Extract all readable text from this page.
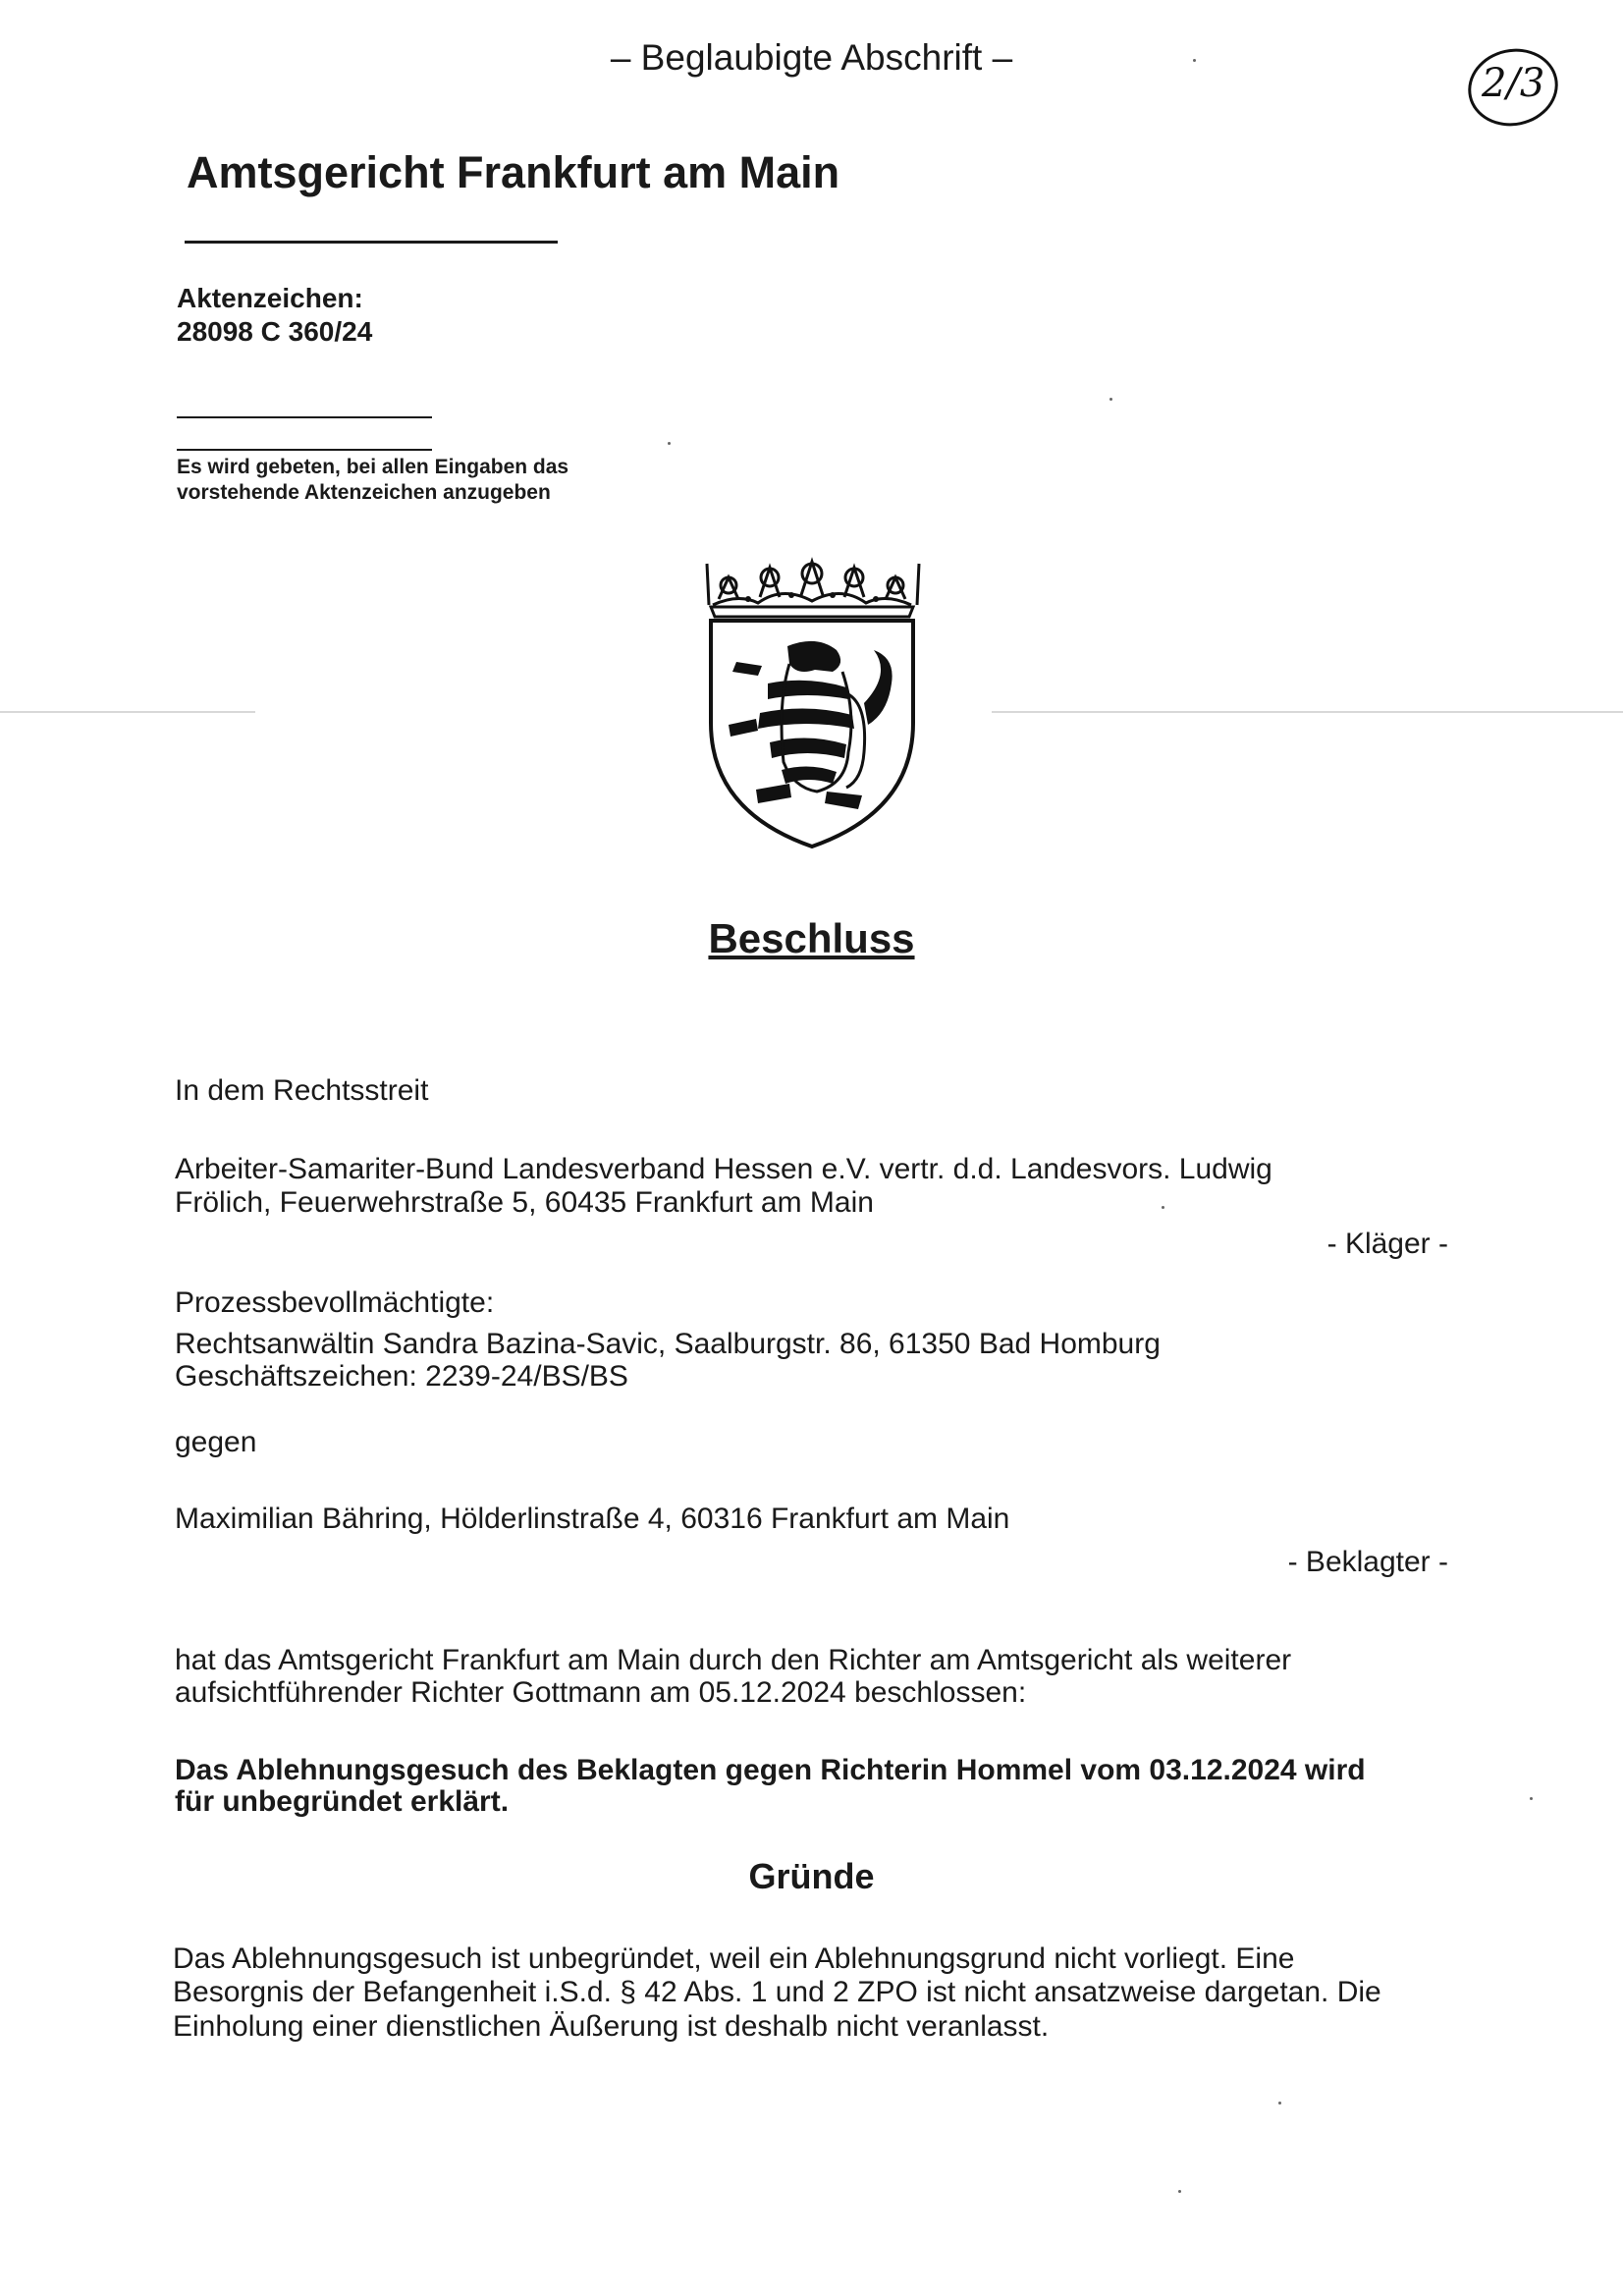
– Beglaubigte Abschrift –
2/3
Amtsgericht Frankfurt am Main
Aktenzeichen:
28098 C 360/24
Es wird gebeten, bei allen Eingaben das
vorstehende Aktenzeichen anzugeben
Beschluss
In dem Rechtsstreit
Arbeiter-Samariter-Bund Landesverband Hessen e.V. vertr. d.d. Landesvors. Ludwig
Frölich, Feuerwehrstraße 5, 60435 Frankfurt am Main
- Kläger -
Prozessbevollmächtigte:
Rechtsanwältin Sandra Bazina-Savic, Saalburgstr. 86, 61350 Bad Homburg
Geschäftszeichen: 2239-24/BS/BS
gegen
Maximilian Bähring, Hölderlinstraße 4, 60316 Frankfurt am Main
- Beklagter -
hat das Amtsgericht Frankfurt am Main durch den Richter am Amtsgericht als weiterer
aufsichtführender Richter Gottmann am 05.12.2024 beschlossen:
Das Ablehnungsgesuch des Beklagten gegen Richterin Hommel vom 03.12.2024 wird
für unbegründet erklärt.
Gründe
Das Ablehnungsgesuch ist unbegründet, weil ein Ablehnungsgrund nicht vorliegt. Eine
Besorgnis der Befangenheit i.S.d. § 42 Abs. 1 und 2 ZPO ist nicht ansatzweise dargetan. Die
Einholung einer dienstlichen Äußerung ist deshalb nicht veranlasst.
